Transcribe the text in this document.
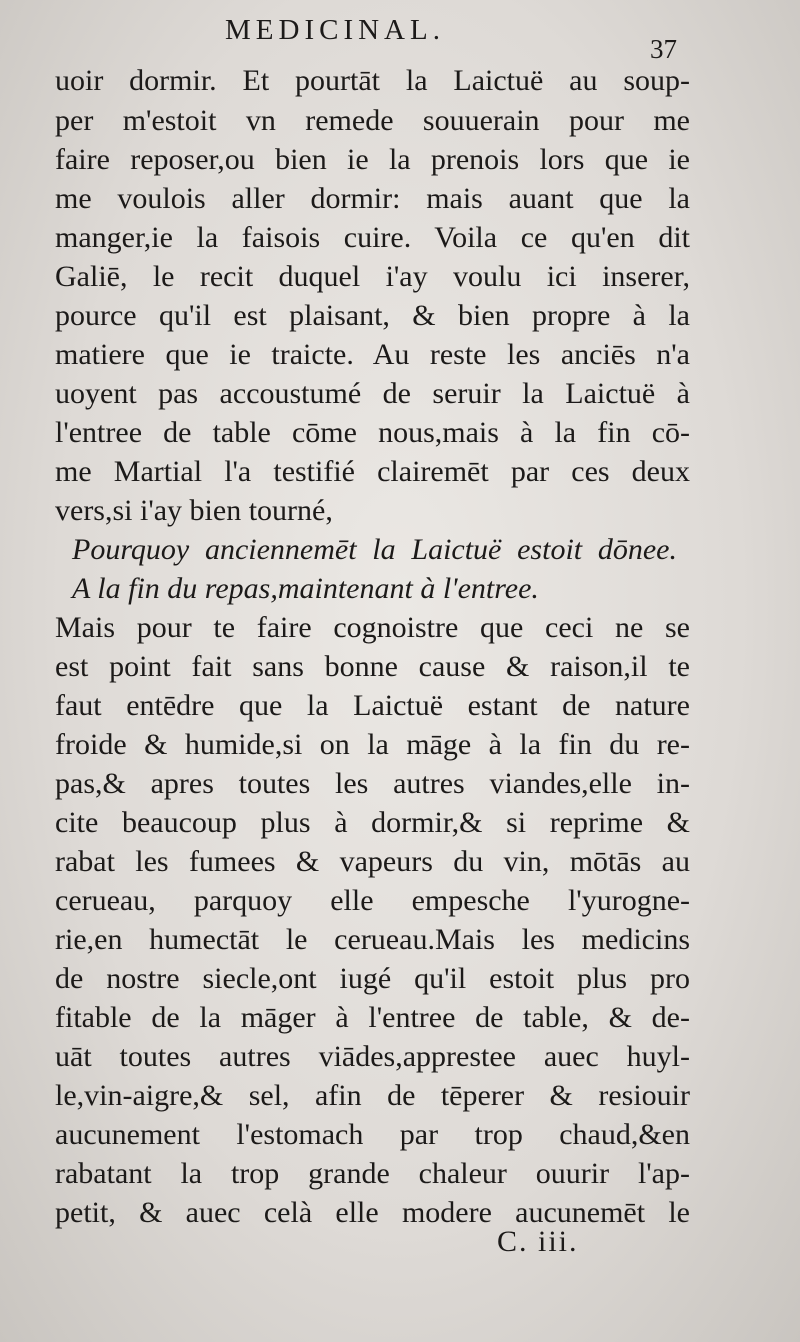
MEDICINAL.
37
uoir dormir. Et pourtāt la Laictuë au soup-
per m'estoit vn remede souuerain pour me
faire reposer,ou bien ie la prenois lors que ie
me voulois aller dormir: mais auant que la
manger,ie la faisois cuire. Voila ce qu'en dit
Galiē, le recit duquel i'ay voulu ici inserer,
pource qu'il est plaisant, & bien propre à la
matiere que ie traicte. Au reste les anciēs n'a
uoyent pas accoustumé de seruir la Laictuë à
l'entree de table cōme nous,mais à la fin cō-
me Martial l'a testifié clairemēt par ces deux
vers,si i'ay bien tourné,
Pourquoy anciennemēt la Laictuë estoit dōnee.
A la fin du repas,maintenant à l'entree.
Mais pour te faire cognoistre que ceci ne se
est point fait sans bonne cause & raison,il te
faut entēdre que la Laictuë estant de nature
froide & humide,si on la māge à la fin du re-
pas,& apres toutes les autres viandes,elle in-
cite beaucoup plus à dormir,& si reprime &
rabat les fumees & vapeurs du vin, mōtās au
cerueau, parquoy elle empesche l'yurogne-
rie,en humectāt le cerueau.Mais les medicins
de nostre siecle,ont iugé qu'il estoit plus pro
fitable de la māger à l'entree de table, & de-
uāt toutes autres viādes,apprestee auec huyl-
le,vin-aigre,& sel, afin de tēperer & resiouir
aucunement l'estomach par trop chaud,&en
rabatant la trop grande chaleur ouurir l'ap-
petit, & auec celà elle modere aucunemēt le
C. iii.
